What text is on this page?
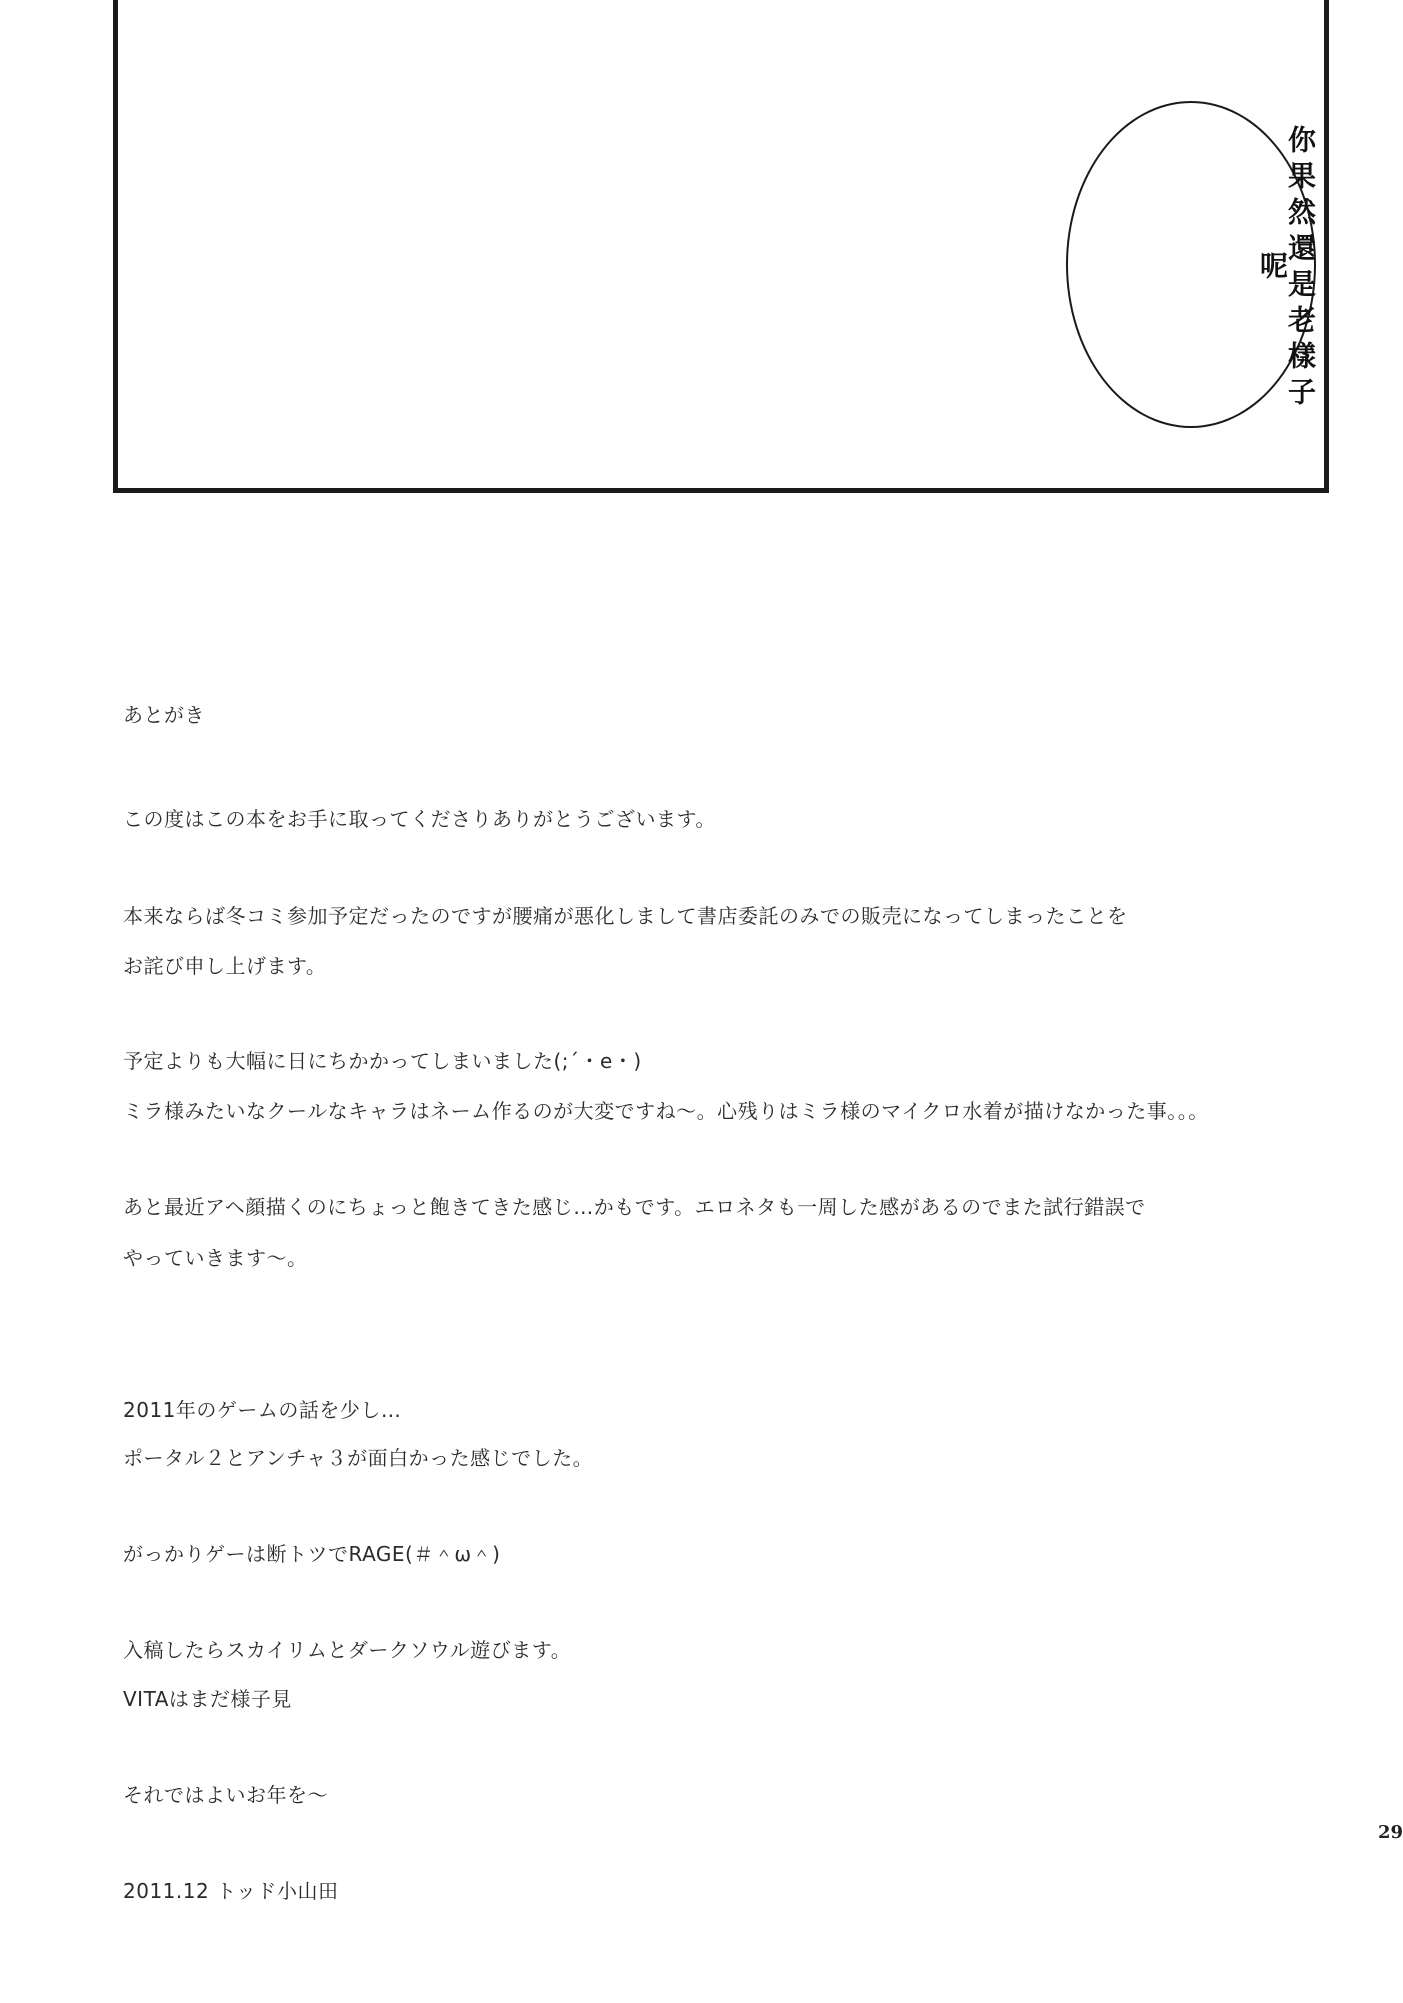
你果然還是老樣子呢
あとがき
この度はこの本をお手に取ってくださりありがとうございます。
本来ならば冬コミ参加予定だったのですが腰痛が悪化しまして書店委託のみでの販売になってしまったことを
お詫び申し上げます。
予定よりも大幅に日にちかかってしまいました(;´・e・)
ミラ様みたいなクールなキャラはネーム作るのが大変ですね～。心残りはミラ様のマイクロ水着が描けなかった事。。。
あと最近アヘ顔描くのにちょっと飽きてきた感じ…かもです。エロネタも一周した感があるのでまた試行錯誤で
やっていきます～。
2011年のゲームの話を少し…
ポータル２とアンチャ３が面白かった感じでした。
がっかりゲーは断トツでRAGE(＃＾ω＾)
入稿したらスカイリムとダークソウル遊びます。
VITAはまだ様子見
それではよいお年を～
2011.12 トッド小山田
29
